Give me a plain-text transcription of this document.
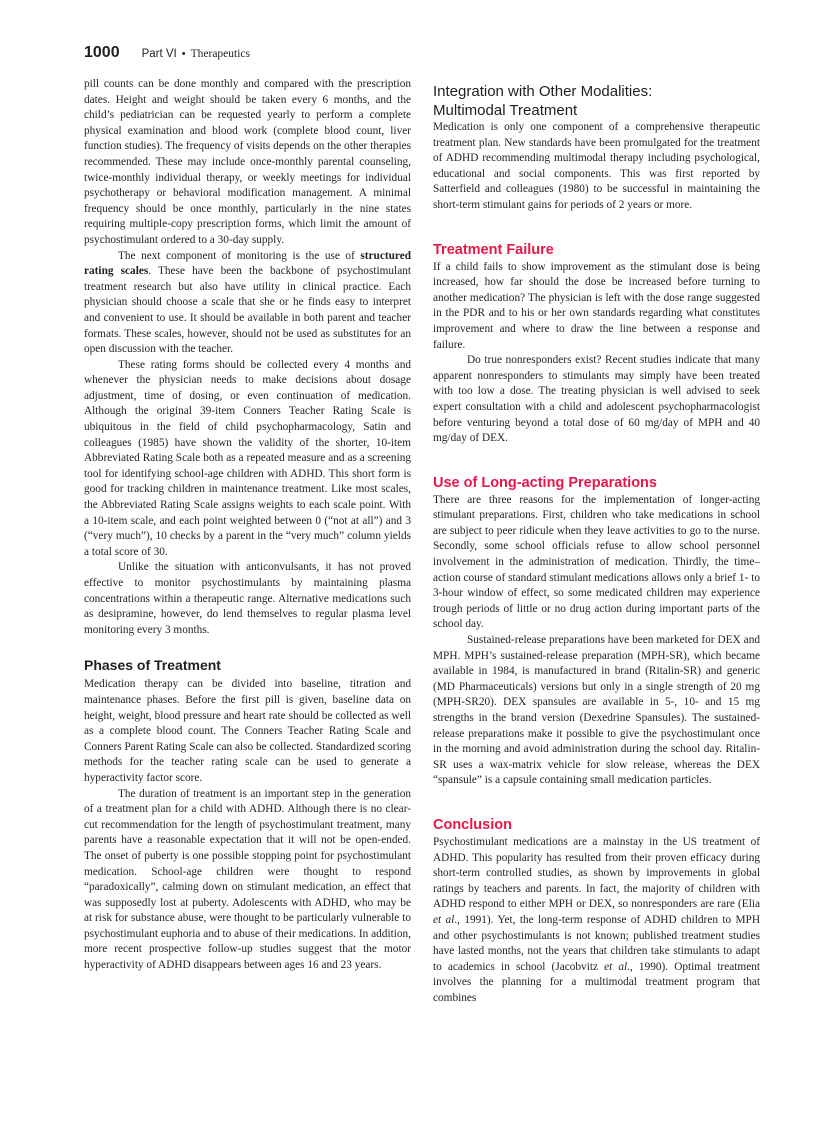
1000 Part VI • Therapeutics

pill counts can be done monthly and compared with the prescription dates. Height and weight should be taken every 6 months, and the child’s pediatrician can be requested yearly to perform a complete physical examination and blood work (complete blood count, liver function studies). The frequency of visits depends on the other therapies recommended. These may include once-monthly parental counseling, twice-monthly individual therapy, or weekly meetings for individual psychotherapy or behavioral modification management. A minimal frequency should be once monthly, particularly in the nine states requiring multiple-copy prescription forms, which limit the amount of psychostimulant ordered to a 30-day supply.

The next component of monitoring is the use of structured rating scales. These have been the backbone of psychostimulant treatment research but also have utility in clinical practice. Each physician should choose a scale that she or he finds easy to interpret and convenient to use. It should be available in both parent and teacher formats. These scales, however, should not be used as substitutes for an open discussion with the teacher.

These rating forms should be collected every 4 months and whenever the physician needs to make decisions about dosage adjustment, time of dosing, or even continuation of medication. Although the original 39-item Conners Teacher Rating Scale is ubiquitous in the field of child psychopharmacology, Satin and colleagues (1985) have shown the validity of the shorter, 10-item Abbreviated Rating Scale both as a repeated measure and as a screening tool for identifying school-age children with ADHD. This short form is good for tracking children in maintenance treatment. Like most scales, the Abbreviated Rating Scale assigns weights to each scale point. With a 10-item scale, and each point weighted between 0 (“not at all”) and 3 (“very much”), 10 checks by a parent in the “very much” column yields a total score of 30.

Unlike the situation with anticonvulsants, it has not proved effective to monitor psychostimulants by maintaining plasma concentrations within a therapeutic range. Alternative medications such as desipramine, however, do lend themselves to regular plasma level monitoring every 3 months.

Phases of Treatment

Medication therapy can be divided into baseline, titration and maintenance phases. Before the first pill is given, baseline data on height, weight, blood pressure and heart rate should be collected as well as a complete blood count. The Conners Teacher Rating Scale and Conners Parent Rating Scale can also be collected. Standardized scoring methods for the teacher rating scale can be used to generate a hyperactivity factor score.

The duration of treatment is an important step in the generation of a treatment plan for a child with ADHD. Although there is no clear-cut recommendation for the length of psychostimulant treatment, many parents have a reasonable expectation that it will not be open-ended. The onset of puberty is one possible stopping point for psychostimulant medication. School-age children were thought to respond “paradoxically”, calming down on stimulant medication, an effect that was supposedly lost at puberty. Adolescents with ADHD, who may be at risk for substance abuse, were thought to be particularly vulnerable to psychostimulant euphoria and to abuse of their medications. In addition, more recent prospective follow-up studies suggest that the motor hyperactivity of ADHD disappears between ages 16 and 23 years.

Integration with Other Modalities:
Multimodal Treatment

Medication is only one component of a comprehensive therapeutic treatment plan. New standards have been promulgated for the treatment of ADHD recommending multimodal therapy including psychological, educational and social components. This was first reported by Satterfield and colleagues (1980) to be successful in maintaining the short-term stimulant gains for periods of 2 years or more.

Treatment Failure

If a child fails to show improvement as the stimulant dose is being increased, how far should the dose be increased before turning to another medication? The physician is left with the dose range suggested in the PDR and to his or her own standards regarding what constitutes improvement and where to draw the line between a response and failure.

Do true nonresponders exist? Recent studies indicate that many apparent nonresponders to stimulants may simply have been treated with too low a dose. The treating physician is well advised to seek expert consultation with a child and adolescent psychopharmacologist before venturing beyond a total dose of 60 mg/day of MPH and 40 mg/day of DEX.

Use of Long-acting Preparations

There are three reasons for the implementation of longer-acting stimulant preparations. First, children who take medications in school are subject to peer ridicule when they leave activities to go to the nurse. Secondly, some school officials refuse to allow school personnel involvement in the administration of medication. Thirdly, the time–action course of standard stimulant medications allows only a brief 1- to 3-hour window of effect, so some medicated children may experience trough periods of little or no drug action during important parts of the school day.

Sustained-release preparations have been marketed for DEX and MPH. MPH’s sustained-release preparation (MPH-SR), which became available in 1984, is manufactured in brand (Ritalin-SR) and generic (MD Pharmaceuticals) versions but only in a single strength of 20 mg (MPH-SR20). DEX spansules are available in 5-, 10- and 15 mg strengths in the brand version (Dexedrine Spansules). The sustained-release preparations make it possible to give the psychostimulant once in the morning and avoid administration during the school day. Ritalin-SR uses a wax-matrix vehicle for slow release, whereas the DEX “spansule” is a capsule containing small medication particles.

Conclusion

Psychostimulant medications are a mainstay in the US treatment of ADHD. This popularity has resulted from their proven efficacy during short-term controlled studies, as shown by improvements in global ratings by teachers and parents. In fact, the majority of children with ADHD respond to either MPH or DEX, so nonresponders are rare (Elia et al., 1991). Yet, the long-term response of ADHD children to MPH and other psychostimulants is not known; published treatment studies have lasted months, not the years that children take stimulants to adapt to academics in school (Jacobvitz et al., 1990). Optimal treatment involves the planning for a multimodal treatment program that combines
